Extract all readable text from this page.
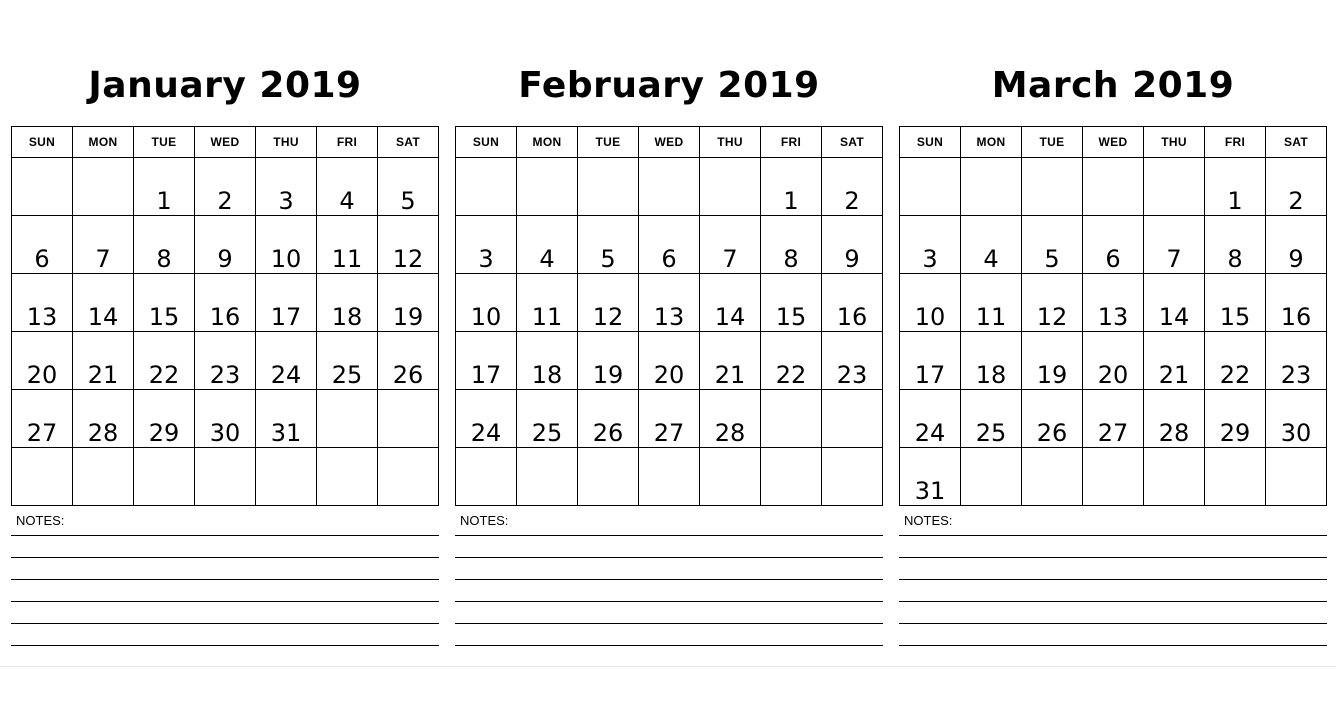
January 2019
SUN	MON	TUE	WED	THU	FRI	SAT

		1	2	3	4	5

6	7	8	9	10	11	12

13	14	15	16	17	18	19

20	21	22	23	24	25	26

27	28	29	30	31		

NOTES:
February 2019
SUN	MON	TUE	WED	THU	FRI	SAT

					1	2

3	4	5	6	7	8	9

10	11	12	13	14	15	16

17	18	19	20	21	22	23

24	25	26	27	28		

NOTES:
March 2019
SUN	MON	TUE	WED	THU	FRI	SAT

					1	2

3	4	5	6	7	8	9

10	11	12	13	14	15	16

17	18	19	20	21	22	23

24	25	26	27	28	29	30

31						

NOTES:
